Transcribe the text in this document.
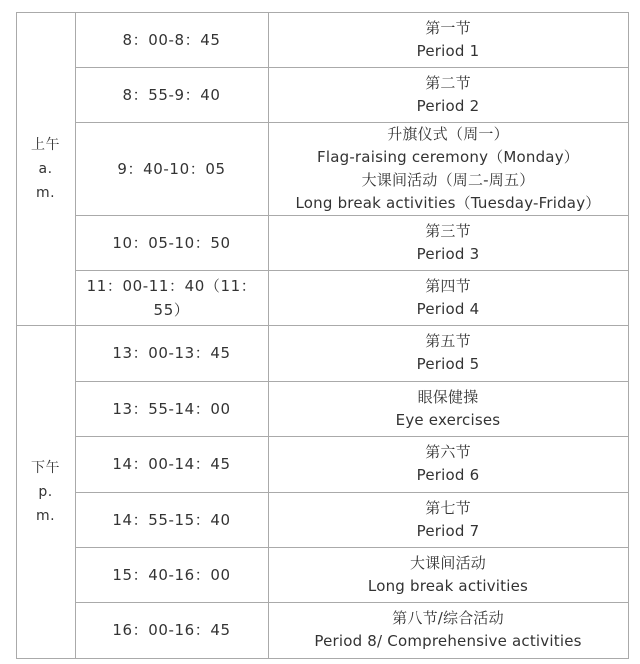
上午
a.
m.
下午
p.
m.
8：00-8：45
第一节
Period 1
8：55-9：40
第二节
Period 2
9：40-10：05
升旗仪式（周一）
Flag-raising ceremony（Monday）
大课间活动（周二-周五）
Long break activities（Tuesday-Friday）
10：05-10：50
第三节
Period 3
11：00-11：40（11：
55）
第四节
Period 4
13：00-13：45
第五节
Period 5
13：55-14：00
眼保健操
Eye exercises
14：00-14：45
第六节
Period 6
14：55-15：40
第七节
Period 7
15：40-16：00
大课间活动
Long break activities
16：00-16：45
第八节/综合活动
Period 8/ Comprehensive activities
